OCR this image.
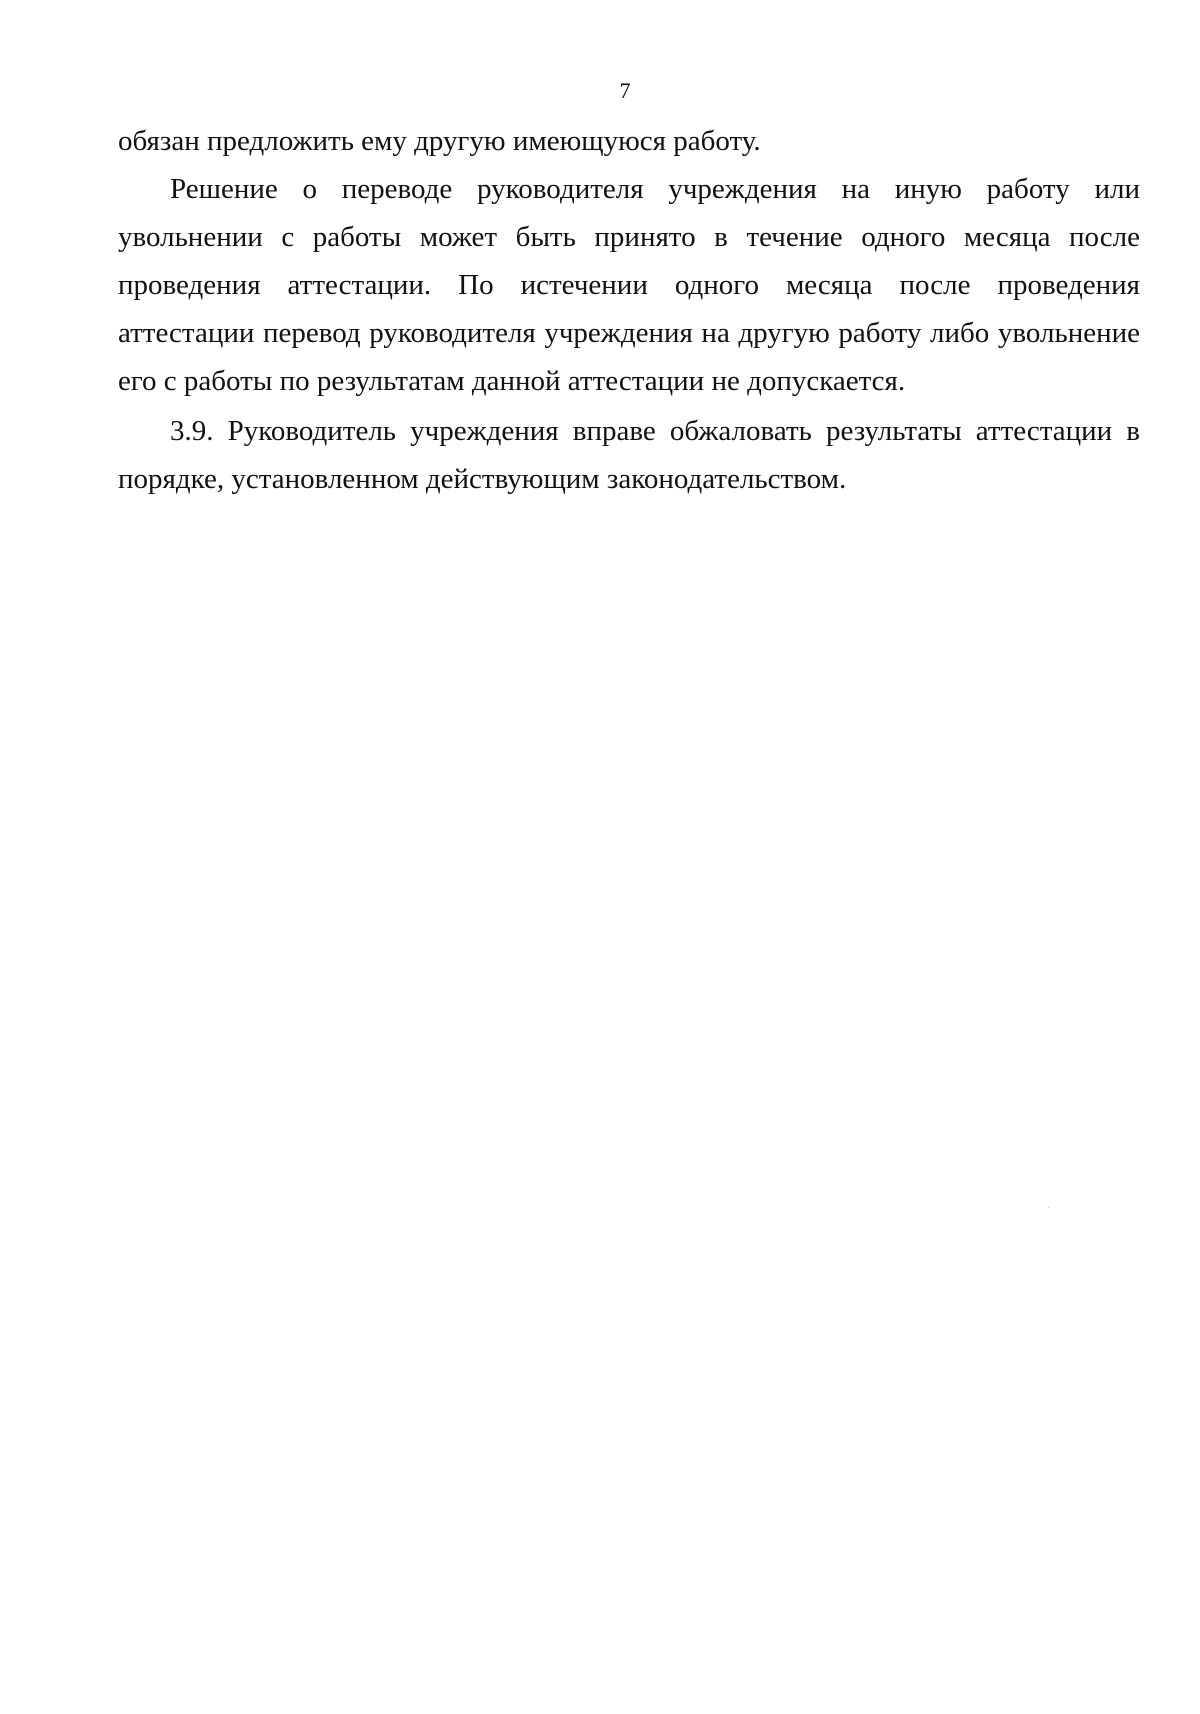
7

обязан предложить ему другую имеющуюся работу.

Решение о переводе руководителя учреждения на иную работу или увольнении с работы может быть принято в течение одного месяца после проведения аттестации. По истечении одного месяца после проведения аттестации перевод руководителя учреждения на другую работу либо увольнение его с работы по результатам данной аттестации не допускается.

3.9. Руководитель учреждения вправе обжаловать результаты аттестации в порядке, установленном действующим законодательством.
